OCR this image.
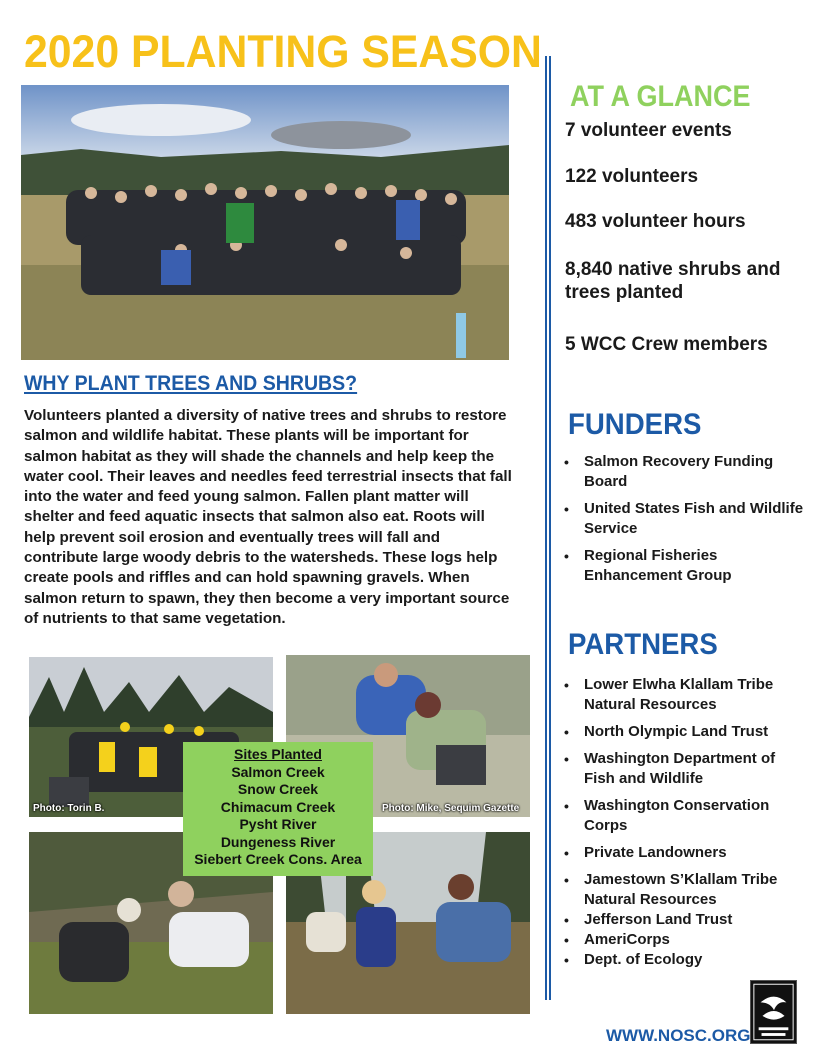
2020 PLANTING SEASON
WHY PLANT TREES AND SHRUBS?

Volunteers planted a diversity of native trees and shrubs to restore salmon and wildlife habitat. These plants will be important for salmon habitat as they will shade the channels and help keep the water cool. Their leaves and needles feed terrestrial insects that fall into the water and feed young salmon. Fallen plant matter will shelter and feed aquatic insects that salmon also eat. Roots will help prevent soil erosion and eventually trees will fall and contribute large woody debris to the watersheds. These logs help create pools and riffles and can hold spawning gravels. When salmon return to spawn, they then become a very important source of nutrients to that same vegetation.

Photo: Torin B.	Photo: Mike, Sequim Gazette
Sites Planted
Salmon Creek
Snow Creek
Chimacum Creek
Pysht River
Dungeness River
Siebert Creek Cons. Area
AT A GLANCE
7 volunteer events
122 volunteers
483 volunteer hours
8,840 native shrubs and trees planted
5 WCC Crew members
FUNDERS
• Salmon Recovery Funding Board
• United States Fish and Wildlife Service
• Regional Fisheries Enhancement Group
PARTNERS
• Lower Elwha Klallam Tribe Natural Resources
• North Olympic Land Trust
• Washington Department of Fish and Wildlife
• Washington Conservation Corps
• Private Landowners
• Jamestown S’Klallam Tribe Natural Resources
• Jefferson Land Trust
• AmeriCorps
• Dept. of Ecology
WWW.NOSC.ORG
